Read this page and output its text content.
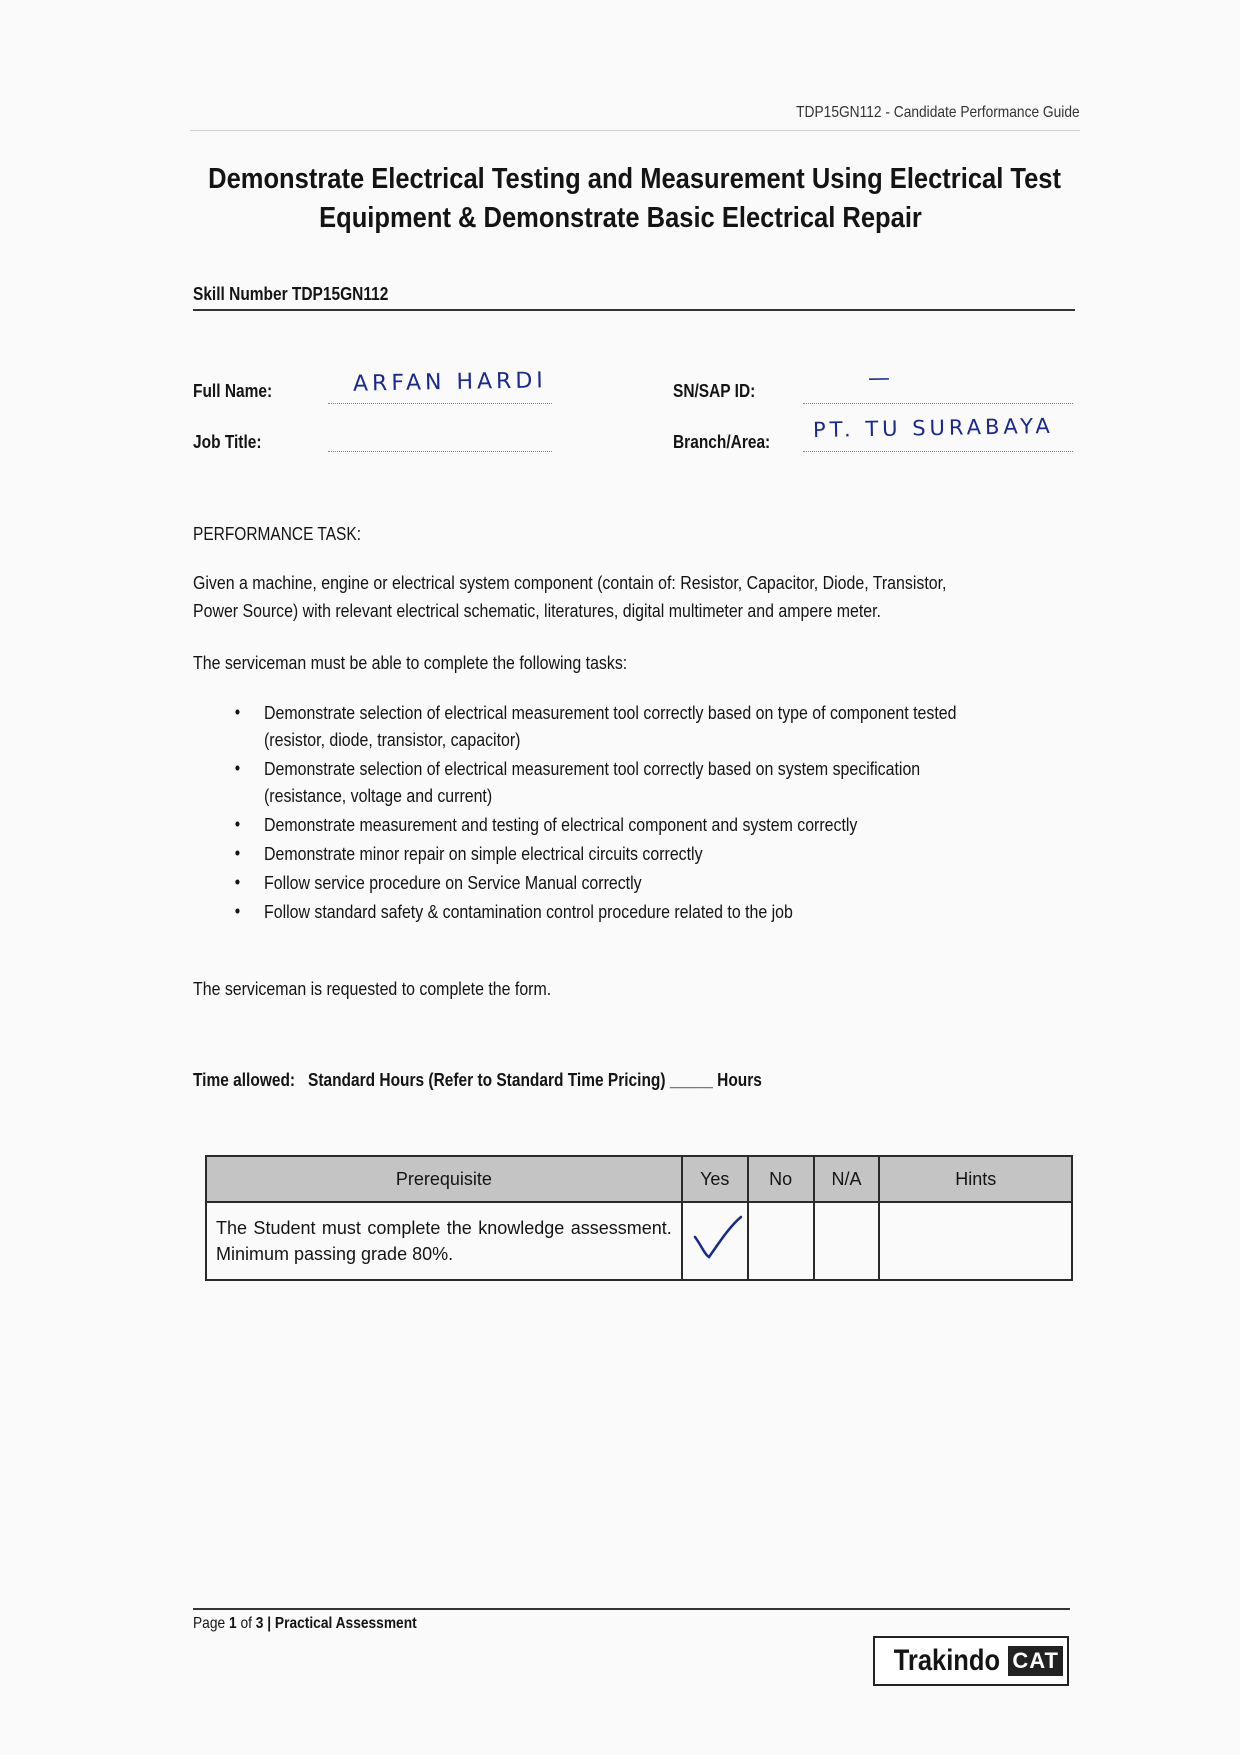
TDP15GN112 - Candidate Performance Guide
Demonstrate Electrical Testing and Measurement Using Electrical Test
Equipment & Demonstrate Basic Electrical Repair
Skill Number TDP15GN112
Full Name:	ARFAN HARDI
Job Title:
SN/SAP ID:	—
Branch/Area: PT. TU SURABAYA
PERFORMANCE TASK:
Given a machine, engine or electrical system component (contain of: Resistor, Capacitor, Diode, Transistor,
Power Source) with relevant electrical schematic, literatures, digital multimeter and ampere meter.
The serviceman must be able to complete the following tasks:
• Demonstrate selection of electrical measurement tool correctly based on type of component tested
(resistor, diode, transistor, capacitor)
• Demonstrate selection of electrical measurement tool correctly based on system specification
(resistance, voltage and current)
• Demonstrate measurement and testing of electrical component and system correctly
• Demonstrate minor repair on simple electrical circuits correctly
• Follow service procedure on Service Manual correctly
• Follow standard safety & contamination control procedure related to the job
The serviceman is requested to complete the form.
Time allowed: Standard Hours (Refer to Standard Time Pricing) _____ Hours
Prerequisite	Yes	No	N/A	Hints

The Student must complete the knowledge assessment. Minimum passing grade 80%.

Page 1 of 3 | Practical Assessment
Trakindo CAT
